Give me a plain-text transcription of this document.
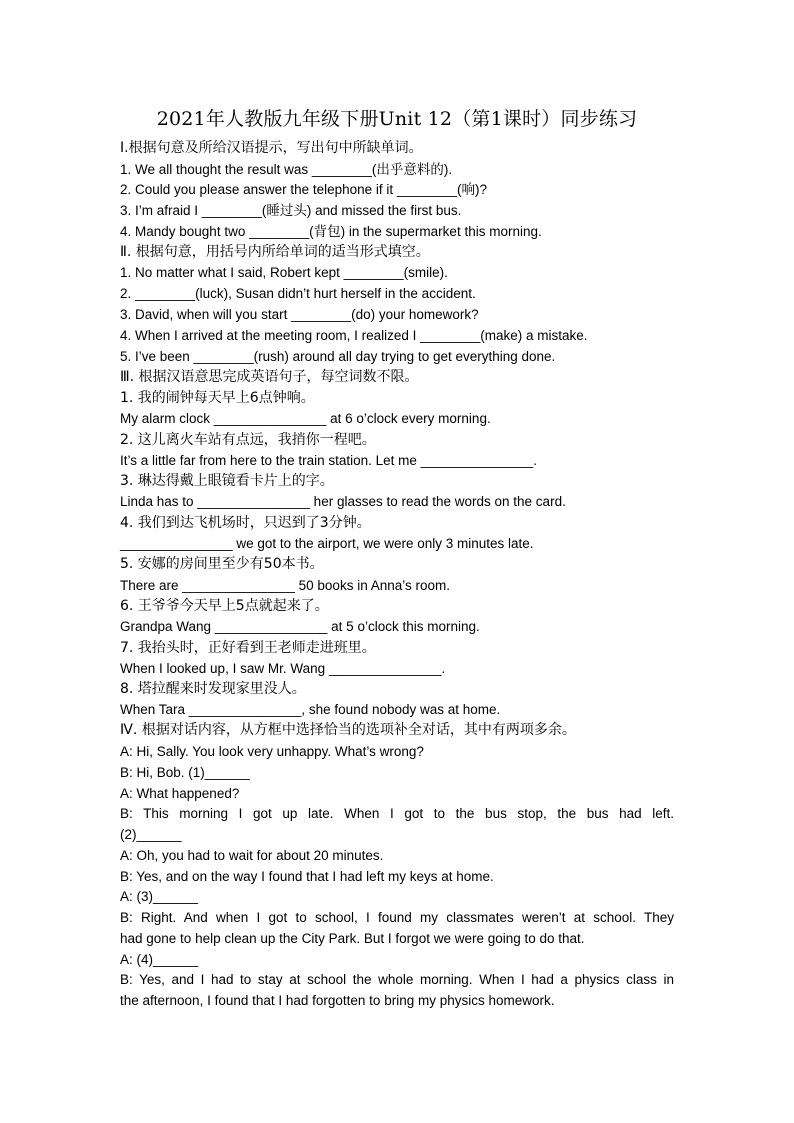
2021年人教版九年级下册Unit 12（第1课时）同步练习
Ⅰ.根据句意及所给汉语提示，写出句中所缺单词。
1. We all thought the result was ________(出乎意料的).
2. Could you please answer the telephone if it ________(响)?
3. I’m afraid I ________(睡过头) and missed the first bus.
4. Mandy bought two ________(背包) in the supermarket this morning.
Ⅱ. 根据句意，用括号内所给单词的适当形式填空。
1. No matter what I said, Robert kept ________(smile).
2. ________(luck), Susan didn’t hurt herself in the accident.
3. David, when will you start ________(do) your homework?
4. When I arrived at the meeting room, I realized I ________(make) a mistake.
5. I’ve been ________(rush) around all day trying to get everything done.
Ⅲ. 根据汉语意思完成英语句子，每空词数不限。
1. 我的闹钟每天早上6点钟响。
My alarm clock _______________ at 6 o’clock every morning.
2. 这儿离火车站有点远，我捎你一程吧。
It’s a little far from here to the train station. Let me _______________.
3. 琳达得戴上眼镜看卡片上的字。
Linda has to _______________ her glasses to read the words on the card.
4. 我们到达飞机场时，只迟到了3分钟。
_______________ we got to the airport, we were only 3 minutes late.
5. 安娜的房间里至少有50本书。
There are _______________ 50 books in Anna’s room.
6. 王爷爷今天早上5点就起来了。
Grandpa Wang _______________ at 5 o’clock this morning.
7. 我抬头时，正好看到王老师走进班里。
When I looked up, I saw Mr. Wang _______________.
8. 塔拉醒来时发现家里没人。
When Tara _______________, she found nobody was at home.
Ⅳ. 根据对话内容，从方框中选择恰当的选项补全对话，其中有两项多余。
A: Hi, Sally. You look very unhappy. What’s wrong?
B: Hi, Bob. (1)______
A: What happened?
B: This morning I got up late. When I got to the bus stop, the bus had left.
(2)______
A: Oh, you had to wait for about 20 minutes.
B: Yes, and on the way I found that I had left my keys at home.
A: (3)______
B: Right. And when I got to school, I found my classmates weren’t at school. They
had gone to help clean up the City Park. But I forgot we were going to do that.
A: (4)______
B: Yes, and I had to stay at school the whole morning. When I had a physics class in
the afternoon, I found that I had forgotten to bring my physics homework.
